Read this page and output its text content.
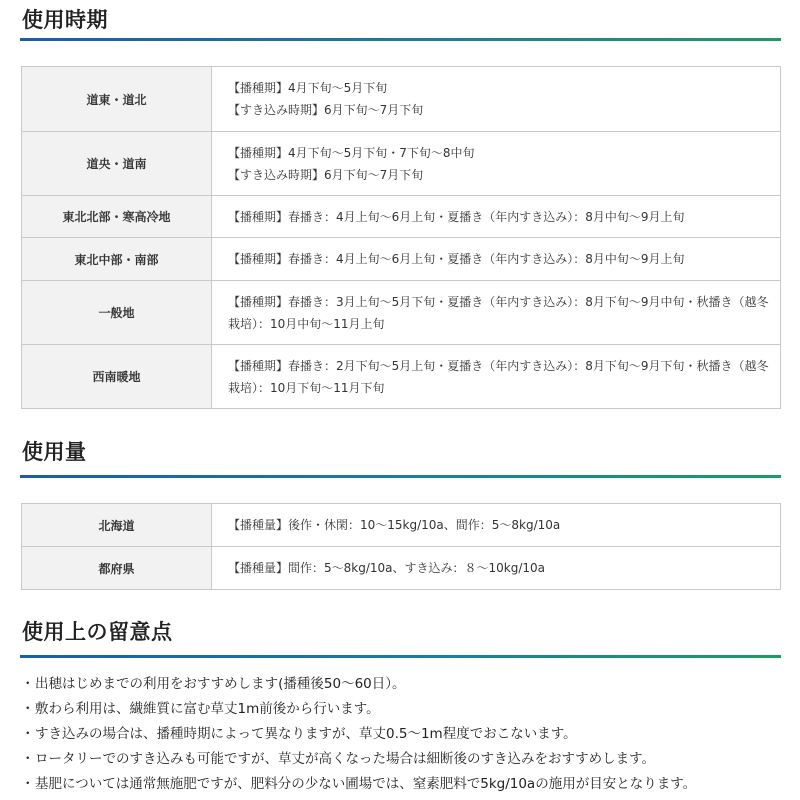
使用時期
道東・道北	【播種期】4月下旬～5月下旬
【すき込み時期】6月下旬～7月下旬

道央・道南	【播種期】4月下旬～5月下旬・7下旬～8中旬
【すき込み時期】6月下旬～7月下旬

東北北部・寒高冷地	【播種期】春播き：4月上旬～6月上旬・夏播き（年内すき込み）：8月中旬～9月上旬

東北中部・南部	【播種期】春播き：4月上旬～6月上旬・夏播き（年内すき込み）：8月中旬～9月上旬

一般地	【播種期】春播き：3月上旬～5月下旬・夏播き（年内すき込み）：8月下旬～9月中旬・秋播き（越冬栽培）：10月中旬～11月上旬

西南暖地	【播種期】春播き：2月下旬～5月上旬・夏播き（年内すき込み）：8月下旬～9月下旬・秋播き（越冬栽培）：10月下旬～11月下旬
使用量
北海道	【播種量】後作・休閑：10～15kg/10a、間作：5～8kg/10a

都府県	【播種量】間作：5～8kg/10a、すき込み：８～10kg/10a
使用上の留意点
・出穂はじめまでの利用をおすすめします(播種後50～60日）。
・敷わら利用は、繊維質に富む草丈1m前後から行います。
・すき込みの場合は、播種時期によって異なりますが、草丈0.5～1m程度でおこないます。
・ロータリーでのすき込みも可能ですが、草丈が高くなった場合は細断後のすき込みをおすすめします。
・基肥については通常無施肥ですが、肥料分の少ない圃場では、窒素肥料で5kg/10aの施用が目安となります。
